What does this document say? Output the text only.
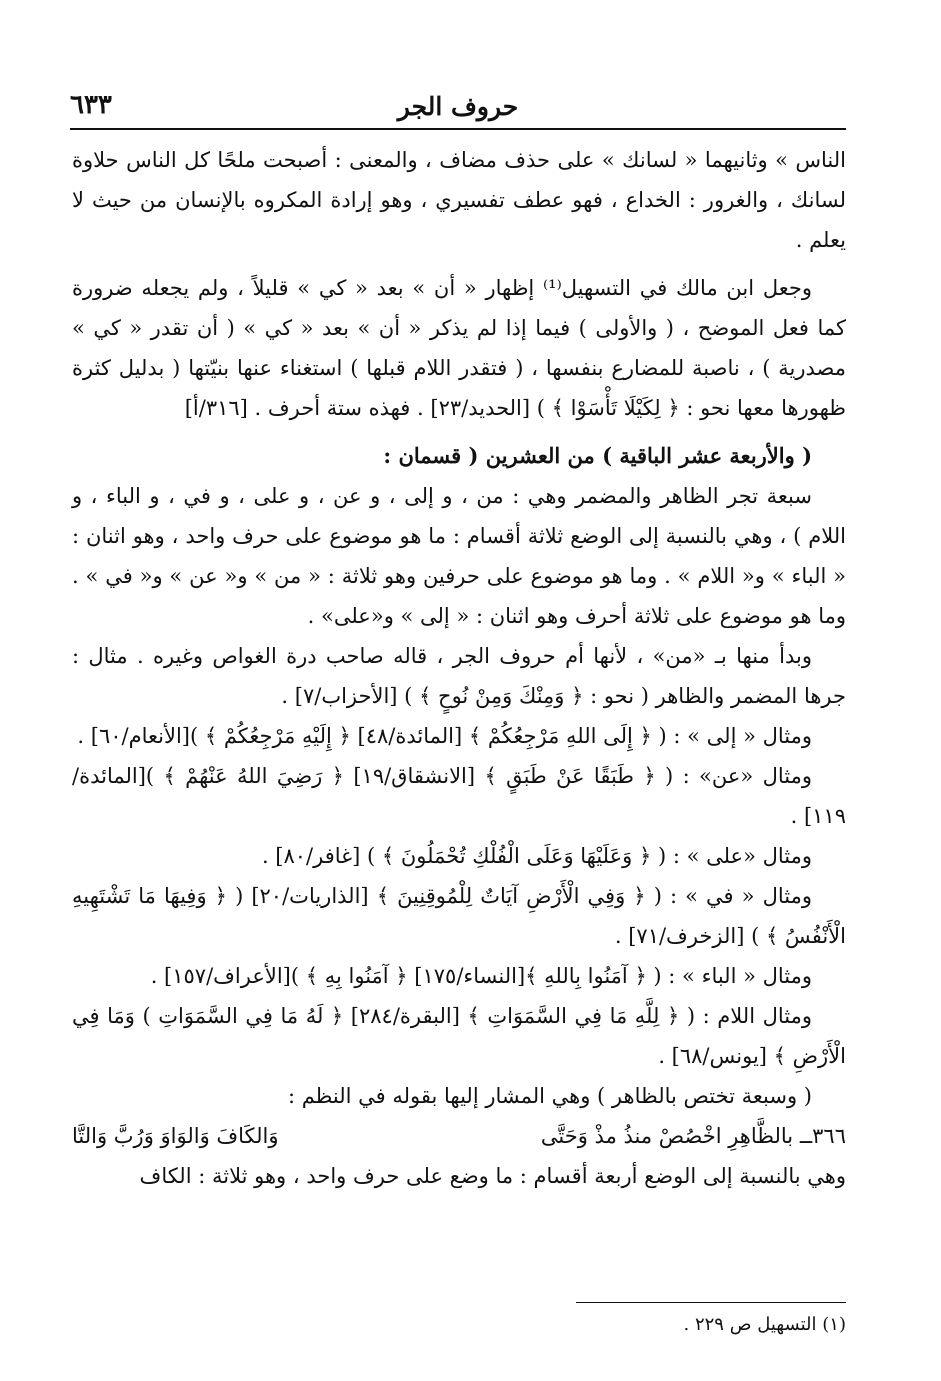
حروف الجر
٦٣٣

الناس » وثانيهما « لسانك » على حذف مضاف ، والمعنى : أصبحت ملحًا كل الناس حلاوة لسانك ، والغرور : الخداع ، فهو عطف تفسيري ، وهو إرادة المكروه بالإنسان من حيث لا يعلم .

وجعل ابن مالك في التسهيل⁽¹⁾ إظهار « أن » بعد « كي » قليلاً ، ولم يجعله ضرورة كما فعل الموضح ، ( والأولى ) فيما إذا لم يذكر « أن » بعد « كي » ( أن تقدر « كي » مصدرية ) ، ناصبة للمضارع بنفسها ، ( فتقدر اللام قبلها ) استغناء عنها بنيّتها ( بدليل كثرة ظهورها معها نحو : ﴿ لِكَيْلَا تَأْسَوْا ﴾ ) [الحديد/٢٣] . فهذه ستة أحرف . [٣١٦/أ]

( والأربعة عشر الباقية ) من العشرين ( قسمان :

سبعة تجر الظاهر والمضمر وهي : من ، و إلى ، و عن ، و على ، و في ، و الباء ، و اللام ) ، وهي بالنسبة إلى الوضع ثلاثة أقسام : ما هو موضوع على حرف واحد ، وهو اثنان : « الباء » و« اللام » . وما هو موضوع على حرفين وهو ثلاثة : « من » و« عن » و« في » . وما هو موضوع على ثلاثة أحرف وهو اثنان : « إلى » و«على» .

وبدأ منها بـ «من» ، لأنها أم حروف الجر ، قاله صاحب درة الغواص وغيره . مثال : جرها المضمر والظاهر ( نحو : ﴿ وَمِنْكَ وَمِنْ نُوحٍ ﴾ ) [الأحزاب/٧] .

ومثال « إلى » : ( ﴿ إِلَى اللهِ مَرْجِعُكُمْ ﴾ [المائدة/٤٨] ﴿ إِلَيْهِ مَرْجِعُكُمْ ﴾ )[الأنعام/٦٠] .

ومثال «عن» : ( ﴿ طَبَقًا عَنْ طَبَقٍ ﴾ [الانشقاق/١٩] ﴿ رَضِيَ اللهُ عَنْهُمْ ﴾ )[المائدة/١١٩] .

ومثال «على » : ( ﴿ وَعَلَيْهَا وَعَلَى الْفُلْكِ تُحْمَلُونَ ﴾ ) [غافر/٨٠] .

ومثال « في » : ( ﴿ وَفِي الْأَرْضِ آيَاتٌ لِلْمُوقِنِينَ ﴾ [الذاريات/٢٠] ( ﴿ وَفِيهَا مَا تَشْتَهِيهِ الْأَنْفُسُ ﴾ ) [الزخرف/٧١] .

ومثال « الباء » : ( ﴿ آمَنُوا بِاللهِ ﴾[النساء/١٧٥] ﴿ آمَنُوا بِهِ ﴾ )[الأعراف/١٥٧] .

ومثال اللام : ( ﴿ لِلَّهِ مَا فِي السَّمَوَاتِ ﴾ [البقرة/٢٨٤] ﴿ لَهُ مَا فِي السَّمَوَاتِ ) وَمَا فِي الْأَرْضِ ﴾ [يونس/٦٨] .

( وسبعة تختص بالظاهر ) وهي المشار إليها بقوله في النظم :

٣٦٦ــ بالظَّاهِرِ اخْصُصْ منذُ مذْ وَحَتَّى
وَالكَافَ وَالوَاوَ وَرُبَّ وَالتَّا

وهي بالنسبة إلى الوضع أربعة أقسام : ما وضع على حرف واحد ، وهو ثلاثة : الكاف

(١) التسهيل ص ٢٢٩ .
